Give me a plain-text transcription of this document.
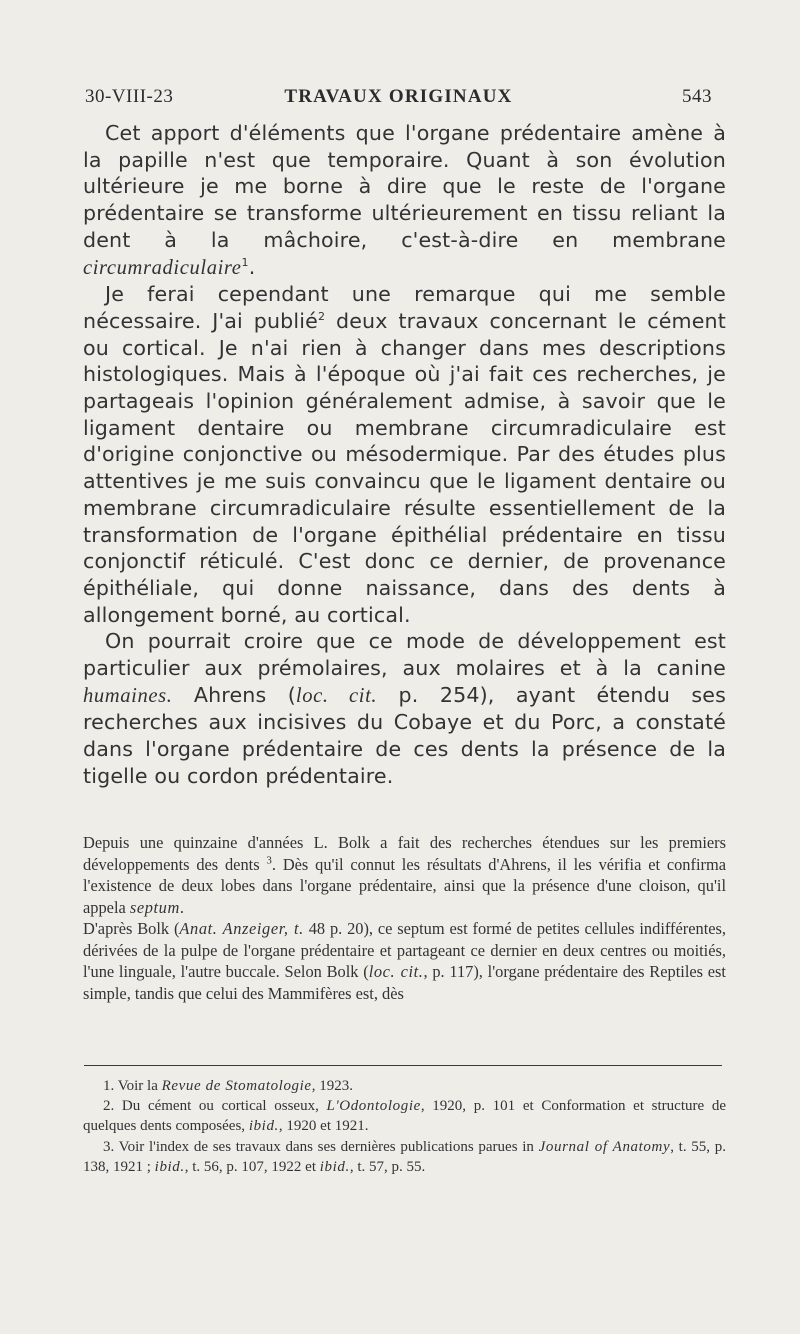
30-VIII-23	TRAVAUX ORIGINAUX	543

Cet apport d'éléments que l'organe prédentaire amène à la papille n'est que temporaire. Quant à son évolution ultérieure je me borne à dire que le reste de l'organe prédentaire se transforme ultérieurement en tissu reliant la dent à la mâchoire, c'est-à-dire en membrane circumradiculaire$^1$.

Je ferai cependant une remarque qui me semble nécessaire. J'ai publié$^2$ deux travaux concernant le cément ou cortical. Je n'ai rien à changer dans mes descriptions histologiques. Mais à l'époque où j'ai fait ces recherches, je partageais l'opinion généralement admise, à savoir que le ligament dentaire ou membrane circumradiculaire est d'origine conjonctive ou mésodermique. Par des études plus attentives je me suis convaincu que le ligament dentaire ou membrane circumradiculaire résulte essentiellement de la transformation de l'organe épithélial prédentaire en tissu conjonctif réticulé. C'est donc ce dernier, de provenance épithéliale, qui donne naissance, dans des dents à allongement borné, au cortical.

On pourrait croire que ce mode de développement est particulier aux prémolaires, aux molaires et à la canine humaines. Ahrens (loc. cit. p. 254), ayant étendu ses recherches aux incisives du Cobaye et du Porc, a constaté dans l'organe prédentaire de ces dents la présence de la tigelle ou cordon prédentaire.

Depuis une quinzaine d'années L. Bolk a fait des recherches étendues sur les premiers développements des dents $^3$. Dès qu'il connut les résultats d'Ahrens, il les vérifia et confirma l'existence de deux lobes dans l'organe prédentaire, ainsi que la présence d'une cloison, qu'il appela septum.

D'après Bolk (Anat. Anzeiger, t. 48 p. 20), ce septum est formé de petites cellules indifférentes, dérivées de la pulpe de l'organe prédentaire et partageant ce dernier en deux centres ou moitiés, l'une linguale, l'autre buccale. Selon Bolk (loc. cit., p. 117), l'organe prédentaire des Reptiles est simple, tandis que celui des Mammifères est, dès

1. Voir la Revue de Stomatologie, 1923.

2. Du cément ou cortical osseux, L'Odontologie, 1920, p. 101 et Conformation et structure de quelques dents composées, ibid., 1920 et 1921.

3. Voir l'index de ses travaux dans ses dernières publications parues in Journal of Anatomy, t. 55, p. 138, 1921 ; ibid., t. 56, p. 107, 1922 et ibid., t. 57, p. 55.
